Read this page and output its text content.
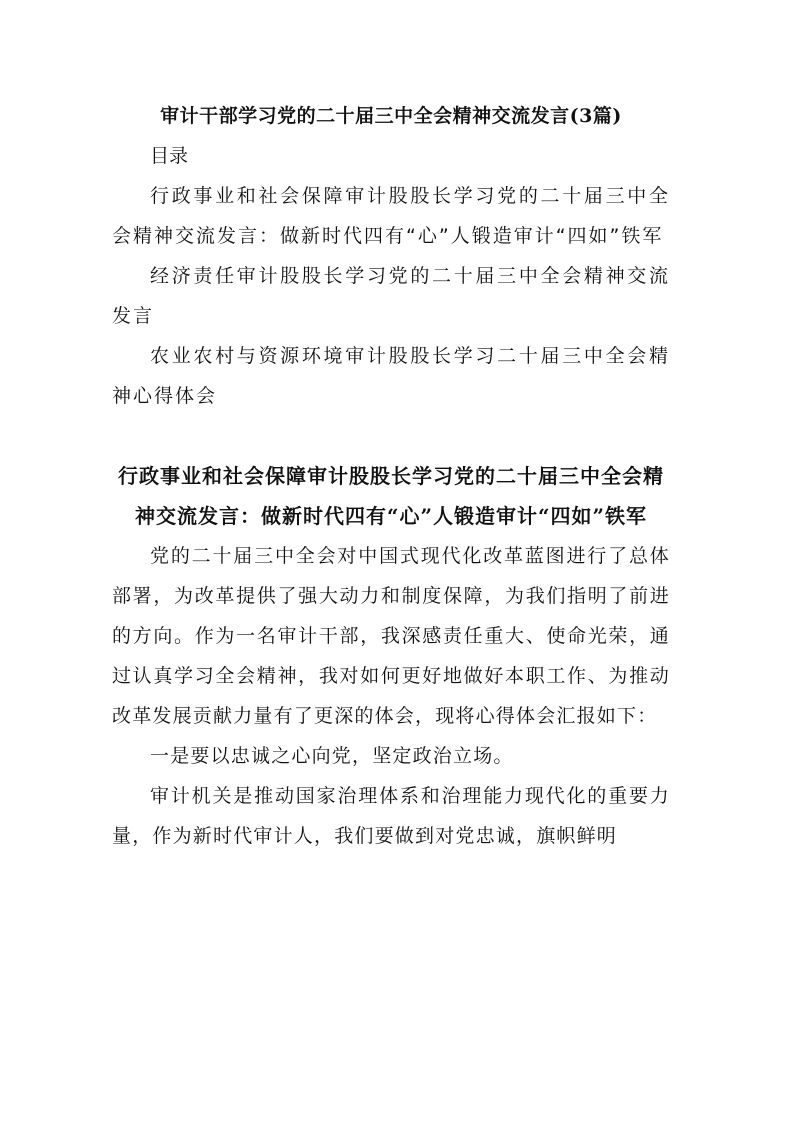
审计干部学习党的二十届三中全会精神交流发言(3篇)

目录

行政事业和社会保障审计股股长学习党的二十届三中全会精神交流发言：做新时代四有“心”人锻造审计“四如”铁军

经济责任审计股股长学习党的二十届三中全会精神交流发言

农业农村与资源环境审计股股长学习二十届三中全会精神心得体会

行政事业和社会保障审计股股长学习党的二十届三中全会精神交流发言：做新时代四有“心”人锻造审计“四如”铁军

党的二十届三中全会对中国式现代化改革蓝图进行了总体部署，为改革提供了强大动力和制度保障，为我们指明了前进的方向。作为一名审计干部，我深感责任重大、使命光荣，通过认真学习全会精神，我对如何更好地做好本职工作、为推动改革发展贡献力量有了更深的体会，现将心得体会汇报如下：

一是要以忠诚之心向党，坚定政治立场。

审计机关是推动国家治理体系和治理能力现代化的重要力量，作为新时代审计人，我们要做到对党忠诚，旗帜鲜明
